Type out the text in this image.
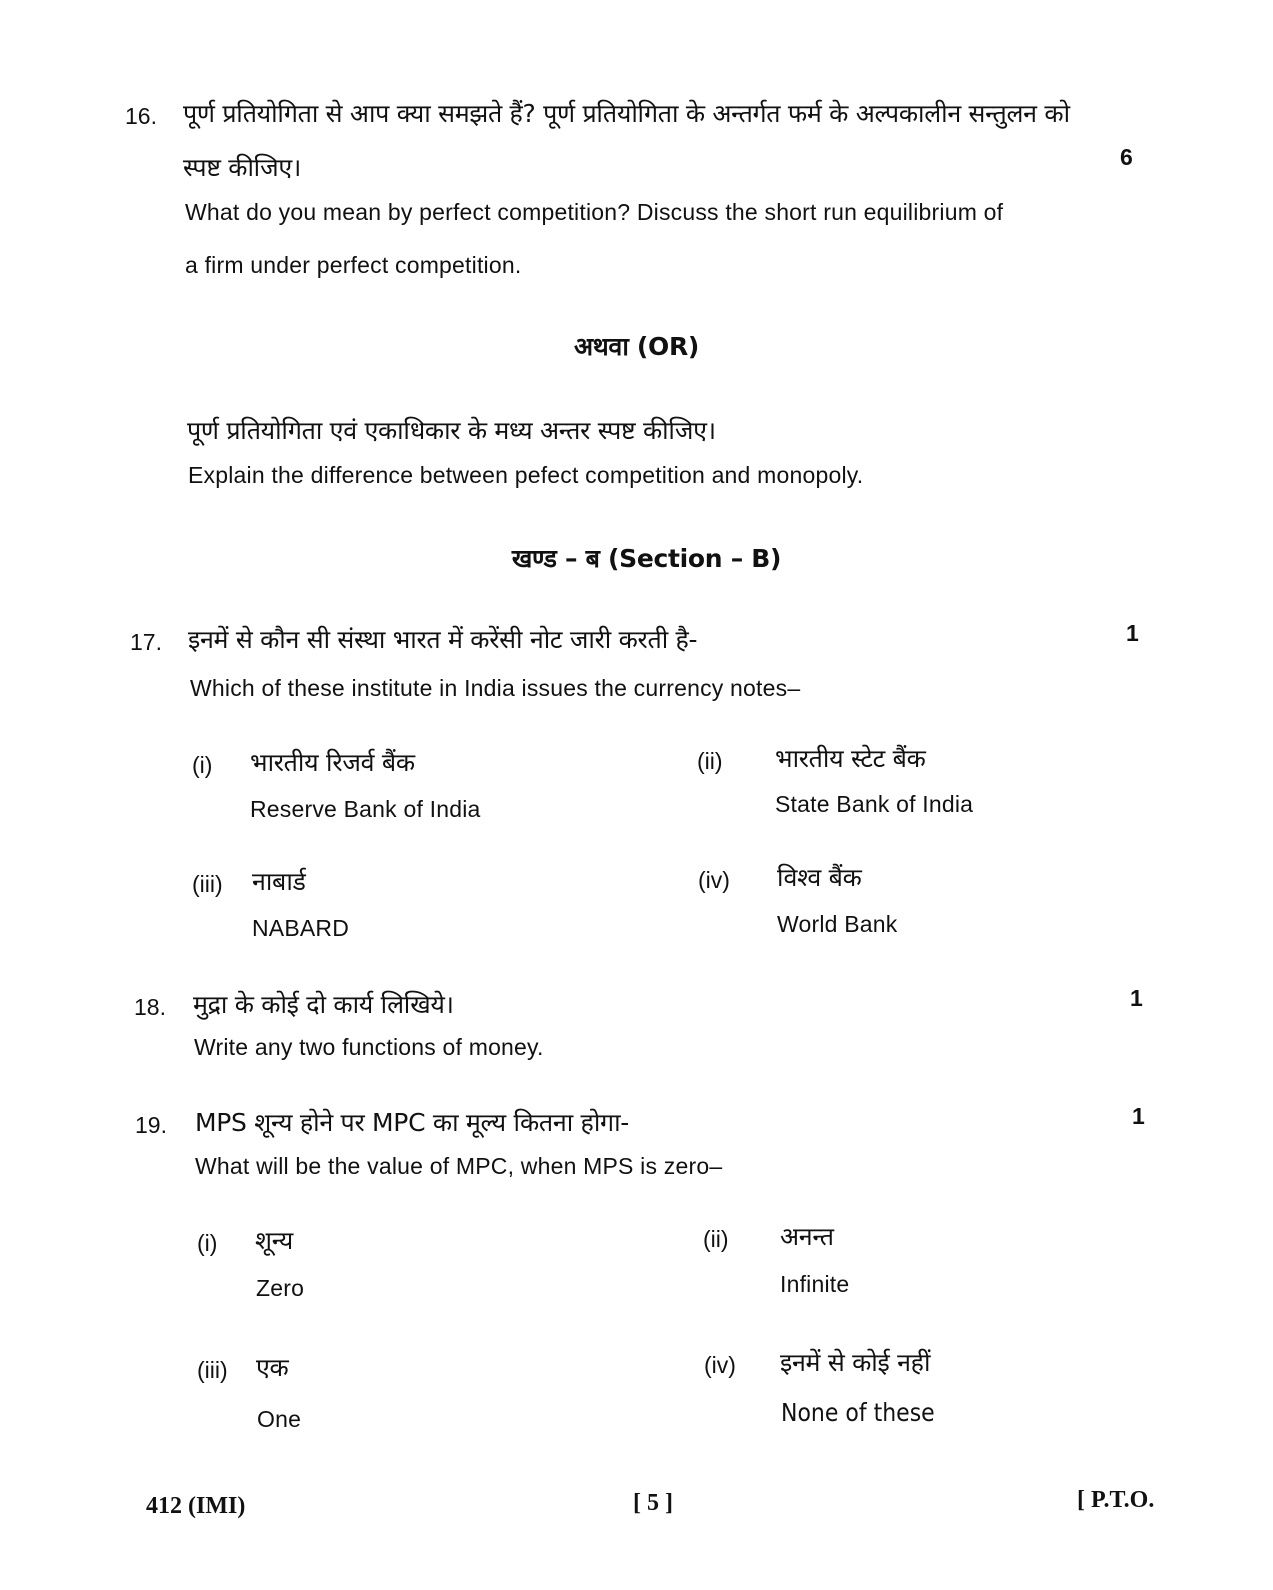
16. पूर्ण प्रतियोगिता से आप क्या समझते हैं? पूर्ण प्रतियोगिता के अन्तर्गत फर्म के अल्पकालीन सन्तुलन को
स्पष्ट कीजिए।	6
What do you mean by perfect competition? Discuss the short run equilibrium of
a firm under perfect competition.
अथवा (OR)
पूर्ण प्रतियोगिता एवं एकाधिकार के मध्य अन्तर स्पष्ट कीजिए।
Explain the difference between pefect competition and monopoly.
खण्ड – ब (Section – B)
17. इनमें से कौन सी संस्था भारत में करेंसी नोट जारी करती है-	1
Which of these institute in India issues the currency notes–
(i) भारतीय रिजर्व बैंक
Reserve Bank of India
(ii) भारतीय स्टेट बैंक
State Bank of India
(iii) नाबार्ड
NABARD
(iv) विश्व बैंक
World Bank
18. मुद्रा के कोई दो कार्य लिखिये।	1
Write any two functions of money.
19. MPS शून्य होने पर MPC का मूल्य कितना होगा-	1
What will be the value of MPC, when MPS is zero–
(i) शून्य
Zero
(ii) अनन्त
Infinite
(iii) एक
One
(iv) इनमें से कोई नहीं
None of these
412 (IMI)	[ 5 ]	[ P.T.O.
